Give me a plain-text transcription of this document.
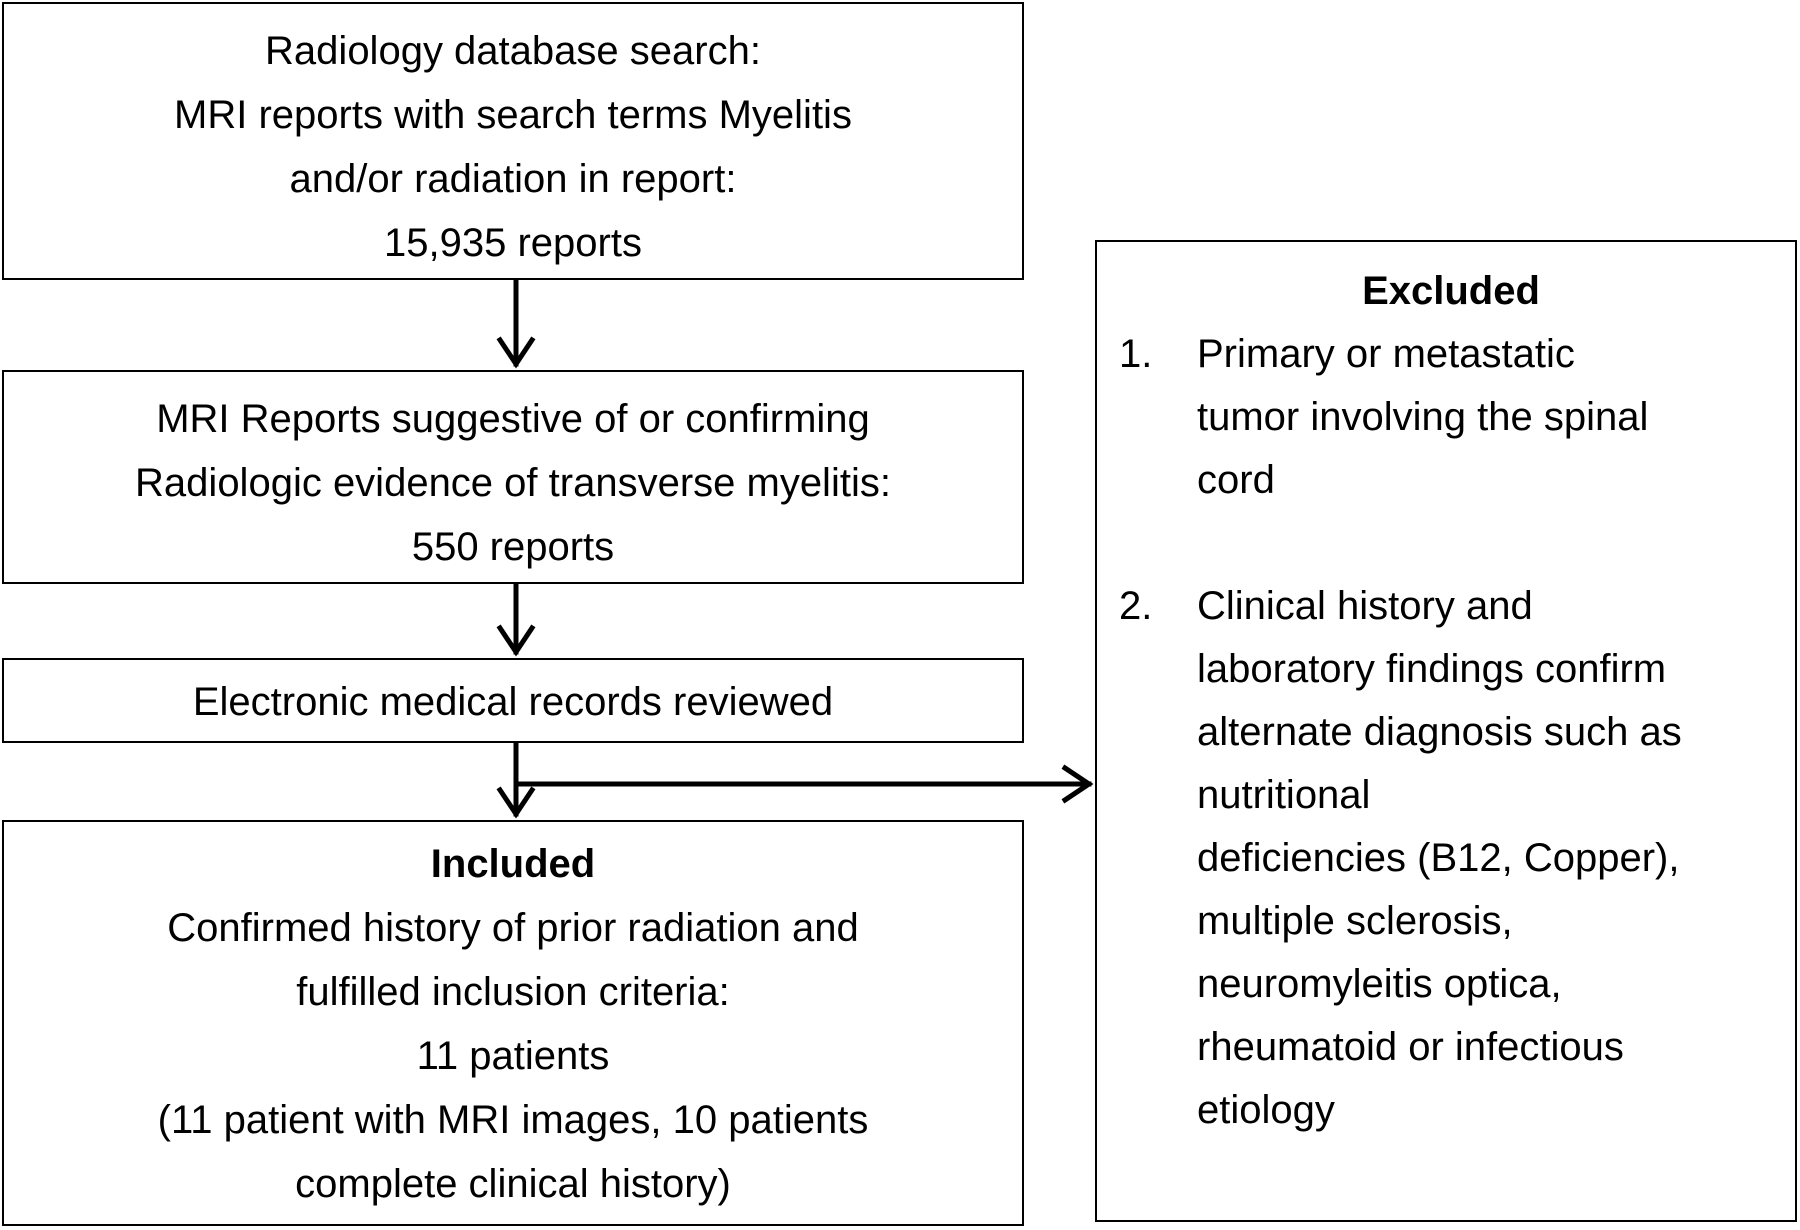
Radiology database search:
MRI reports with search terms Myelitis
and/or radiation in report:
15,935 reports
MRI Reports suggestive of or confirming
Radiologic evidence of transverse myelitis:
550 reports
Electronic medical records reviewed
Included
Confirmed history of prior radiation and
fulfilled inclusion criteria:
11 patients
(11 patient with MRI images, 10 patients
complete clinical history)
Excluded
1. Primary or metastatic
tumor involving the spinal
cord
2. Clinical history and
laboratory findings confirm
alternate diagnosis such as
nutritional
deficiencies (B12, Copper),
multiple sclerosis,
neuromyleitis optica,
rheumatoid or infectious
etiology
